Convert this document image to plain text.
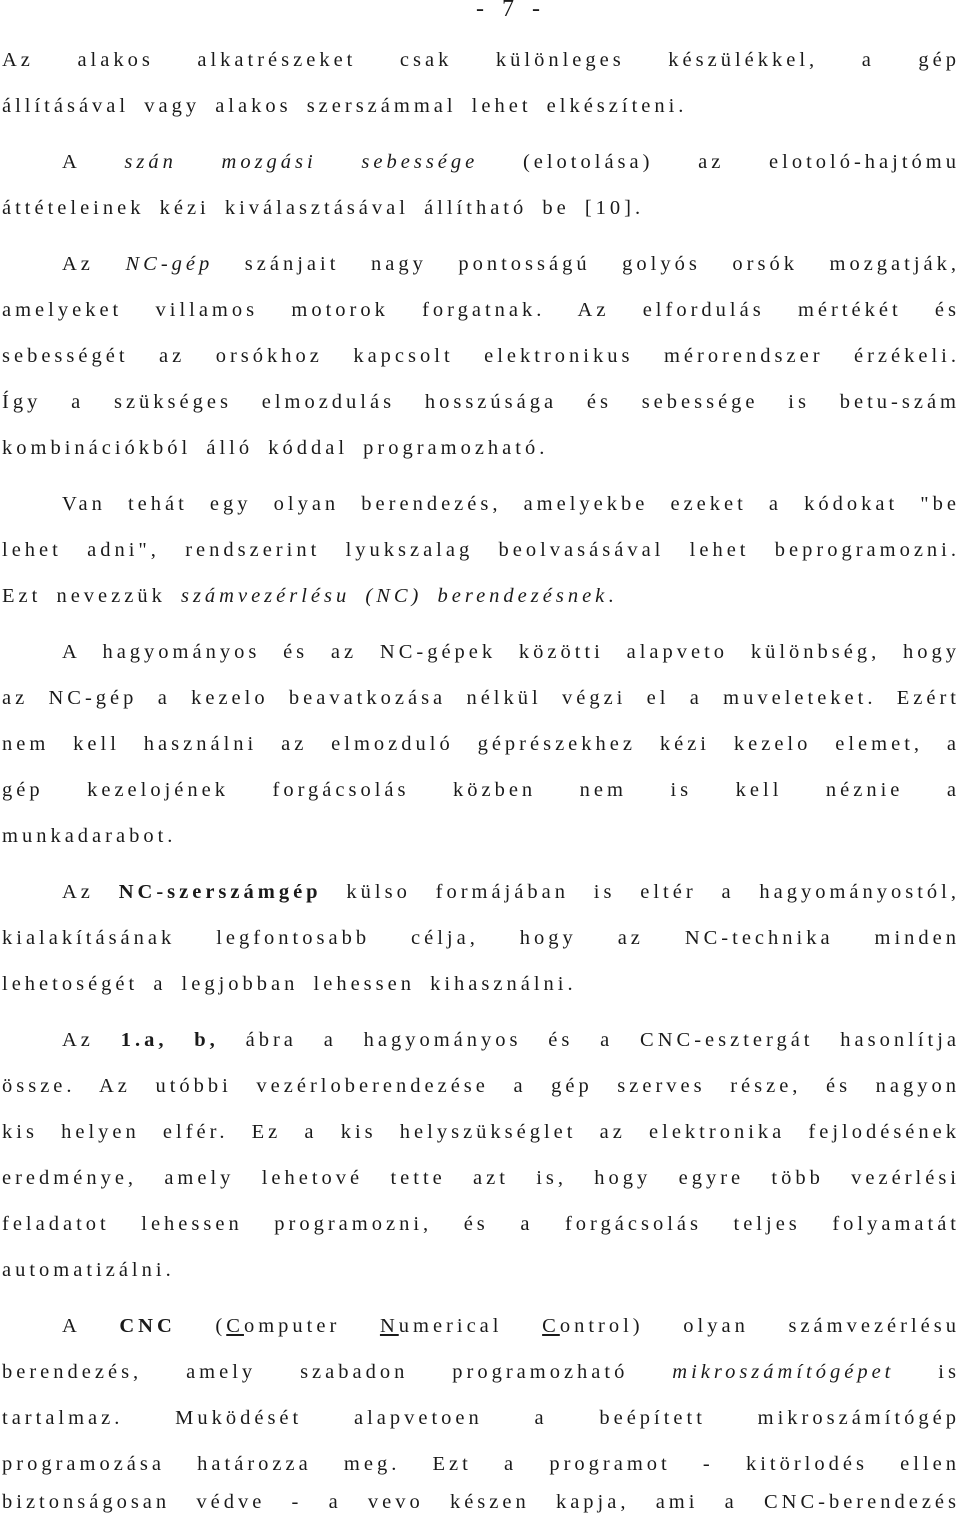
- 7 -
Az alakos alkatrészeket csak különleges készülékkel, a gép
állításával vagy alakos szerszámmal lehet elkészíteni.
A szán mozgási sebessége (elotolása) az elotoló-hajtómu
áttételeinek kézi kiválasztásával állítható be [10].
Az NC-gép szánjait nagy pontosságú golyós orsók mozgatják,
amelyeket villamos motorok forgatnak. Az elfordulás mértékét és
sebességét az orsókhoz kapcsolt elektronikus mérorendszer érzékeli.
Így a szükséges elmozdulás hosszúsága és sebessége is betu-szám
kombinációkból álló kóddal programozható.
Van tehát egy olyan berendezés, amelyekbe ezeket a kódokat "be
lehet adni", rendszerint lyukszalag beolvasásával lehet beprogramozni.
Ezt nevezzük számvezérlésu (NC) berendezésnek.
A hagyományos és az NC-gépek közötti alapveto különbség, hogy
az NC-gép a kezelo beavatkozása nélkül végzi el a muveleteket. Ezért
nem kell használni az elmozduló géprészekhez kézi kezelo elemet, a
gép kezelojének forgácsolás közben nem is kell néznie a
munkadarabot.
Az NC-szerszámgép külso formájában is eltér a hagyományostól,
kialakításának legfontosabb célja, hogy az NC-technika minden
lehetoségét a legjobban lehessen kihasználni.
Az 1.a, b, ábra a hagyományos és a CNC-esztergát hasonlítja
össze. Az utóbbi vezérloberendezése a gép szerves része, és nagyon
kis helyen elfér. Ez a kis helyszükséglet az elektronika fejlodésének
eredménye, amely lehetové tette azt is, hogy egyre több vezérlési
feladatot lehessen programozni, és a forgácsolás teljes folyamatát
automatizálni.
A CNC (Computer Numerical Control) olyan számvezérlésu
berendezés, amely szabadon programozható mikroszámítógépet is
tartalmaz. Muködését alapvetoen a beépített mikroszámítógép
programozása határozza meg. Ezt a programot - kitörlodés ellen
biztonságosan védve - a vevo készen kapja, ami a CNC-berendezés
